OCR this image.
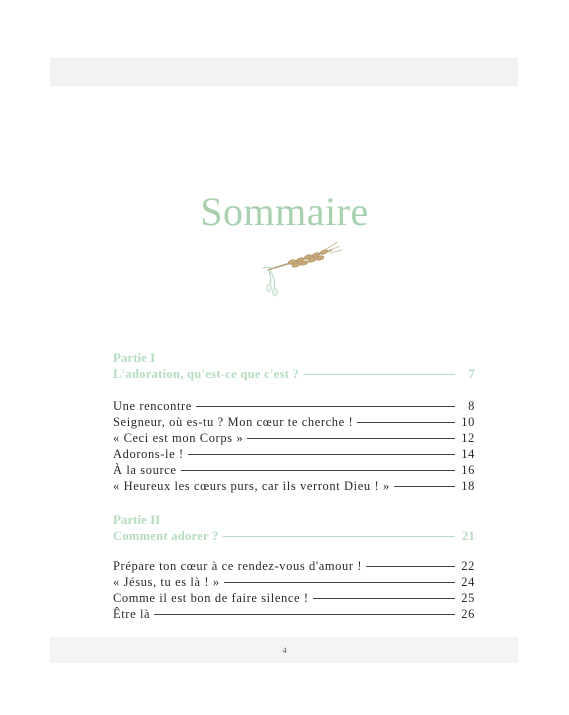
Sommaire
Partie I
L'adoration, qu'est-ce que c'est ?	7
Une rencontre	8
Seigneur, où es-tu ? Mon cœur te cherche !	10
« Ceci est mon Corps »	12
Adorons-le !	14
À la source	16
« Heureux les cœurs purs, car ils verront Dieu ! »	18
Partie II
Comment adorer ?	21
Prépare ton cœur à ce rendez-vous d'amour !	22
« Jésus, tu es là ! »	24
Comme il est bon de faire silence !	25
Être là	26
4
